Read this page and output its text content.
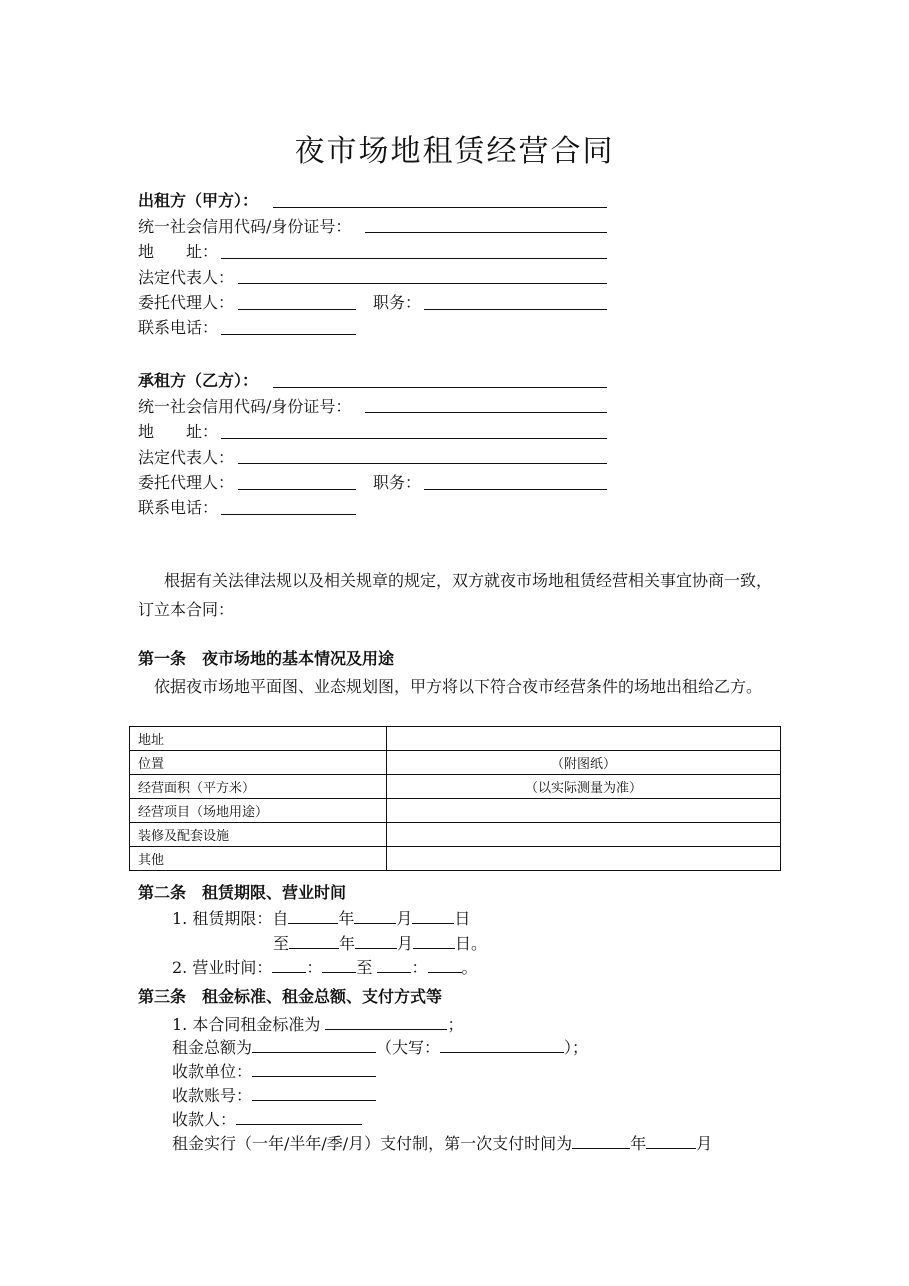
夜市场地租赁经营合同
出租方（甲方）：
统一社会信用代码/身份证号：
地　　址：
法定代表人：
委托代理人：	职务：
联系电话：
承租方（乙方）：
统一社会信用代码/身份证号：
地　　址：
法定代表人：
委托代理人：	职务：
联系电话：
根据有关法律法规以及相关规章的规定，双方就夜市场地租赁经营相关事宜协商一致，订立本合同：
第一条　夜市场地的基本情况及用途
依据夜市场地平面图、业态规划图，甲方将以下符合夜市经营条件的场地出租给乙方。
地址	
位置	（附图纸）
经营面积（平方米）	（以实际测量为准）
经营项目（场地用途）	
装修及配套设施	
其他	
第二条　租赁期限、营业时间
1. 租赁期限：自	年	月	日
至	年	月	日。
2. 营业时间： ： 至 ： 。
第三条　租金标准、租金总额、支付方式等
1. 本合同租金标准为	；
租金总额为	（大写：	）；
收款单位：
收款账号：
收款人：
租金实行（一年/半年/季/月）支付制，第一次支付时间为	年	月
